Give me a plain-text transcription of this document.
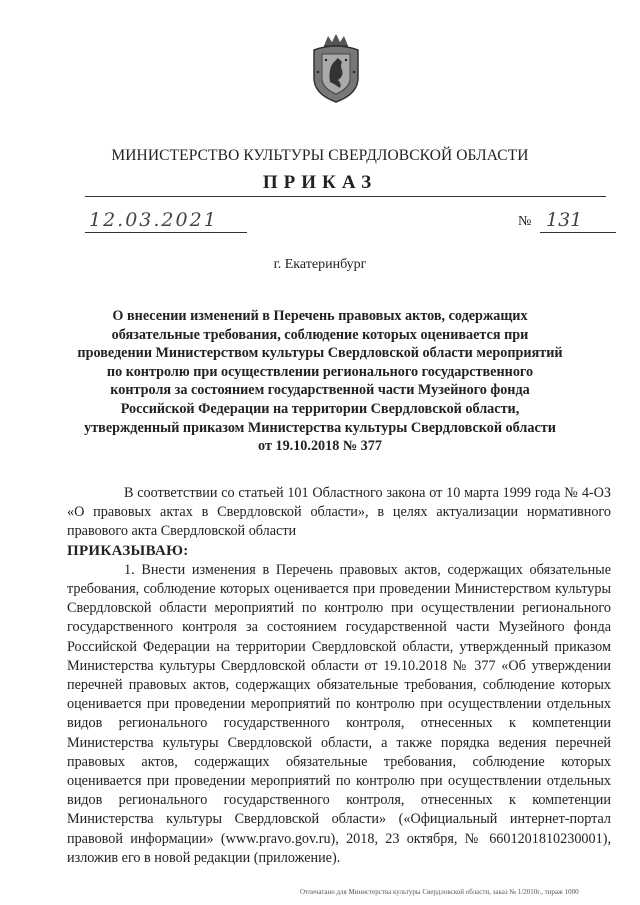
МИНИСТЕРСТВО КУЛЬТУРЫ СВЕРДЛОВСКОЙ ОБЛАСТИ
ПРИКАЗ
12.03.2021	№ 131
г. Екатеринбург
О внесении изменений в Перечень правовых актов, содержащих
обязательные требования, соблюдение которых оценивается при
проведении Министерством культуры Свердловской области мероприятий
по контролю при осуществлении регионального государственного
контроля за состоянием государственной части Музейного фонда
Российской Федерации на территории Свердловской области,
утвержденный приказом Министерства культуры Свердловской области
от 19.10.2018 № 377

В соответствии со статьей 101 Областного закона от 10 марта 1999 года № 4-ОЗ «О правовых актах в Свердловской области», в целях актуализации нормативного правового акта Свердловской области

ПРИКАЗЫВАЮ:

1. Внести изменения в Перечень правовых актов, содержащих обязательные требования, соблюдение которых оценивается при проведении Министерством культуры Свердловской области мероприятий по контролю при осуществлении регионального государственного контроля за состоянием государственной части Музейного фонда Российской Федерации на территории Свердловской области, утвержденный приказом Министерства культуры Свердловской области от 19.10.2018 № 377 «Об утверждении перечней правовых актов, содержащих обязательные требования, соблюдение которых оценивается при проведении мероприятий по контролю при осуществлении отдельных видов регионального государственного контроля, отнесенных к компетенции Министерства культуры Свердловской области, а также порядка ведения перечней правовых актов, содержащих обязательные требования, соблюдение которых оценивается при проведении мероприятий по контролю при осуществлении отдельных видов регионального государственного контроля, отнесенных к компетенции Министерства культуры Свердловской области» («Официальный интернет-портал правовой информации» (www.pravo.gov.ru), 2018, 23 октября, № 6601201810230001), изложив его в новой редакции (приложение).

Отпечатано для Министерства культуры Свердловской области, заказ № 1/2010г., тираж 1000
